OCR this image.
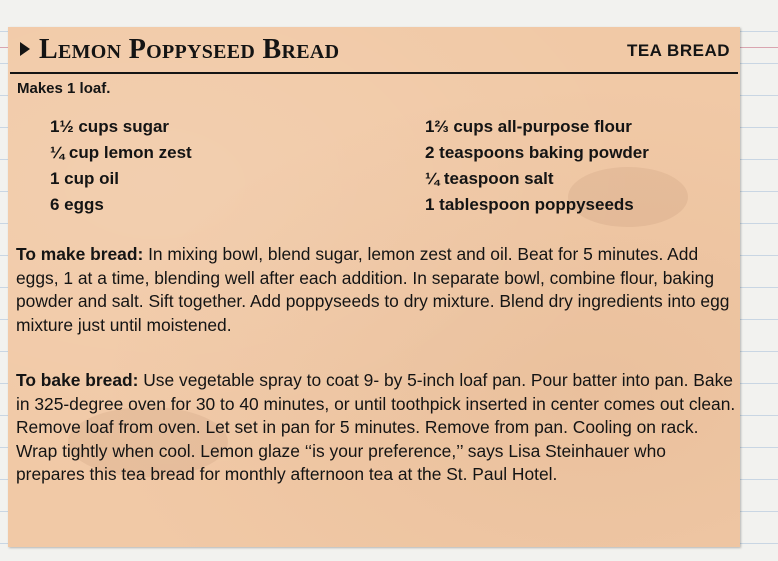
Lemon Poppyseed Bread	TEA BREAD
Makes 1 loaf.
1½ cups sugar
¼ cup lemon zest
1 cup oil
6 eggs
1⅔ cups all-purpose flour
2 teaspoons baking powder
¼ teaspoon salt
1 tablespoon poppyseeds

To make bread: In mixing bowl, blend sugar, lemon zest and oil. Beat for 5 minutes. Add eggs, 1 at a time, blending well after each addition. In separate bowl, combine flour, baking powder and salt. Sift together. Add poppyseeds to dry mixture. Blend dry ingredients into egg mixture just until moistened.

To bake bread: Use vegetable spray to coat 9- by 5-inch loaf pan. Pour batter into pan. Bake in 325-degree oven for 30 to 40 minutes, or until toothpick inserted in center comes out clean. Remove loaf from oven. Let set in pan for 5 minutes. Remove from pan. Cooling on rack. Wrap tightly when cool. Lemon glaze ‘‘is your preference,’’ says Lisa Steinhauer who prepares this tea bread for monthly afternoon tea at the St. Paul Hotel.
